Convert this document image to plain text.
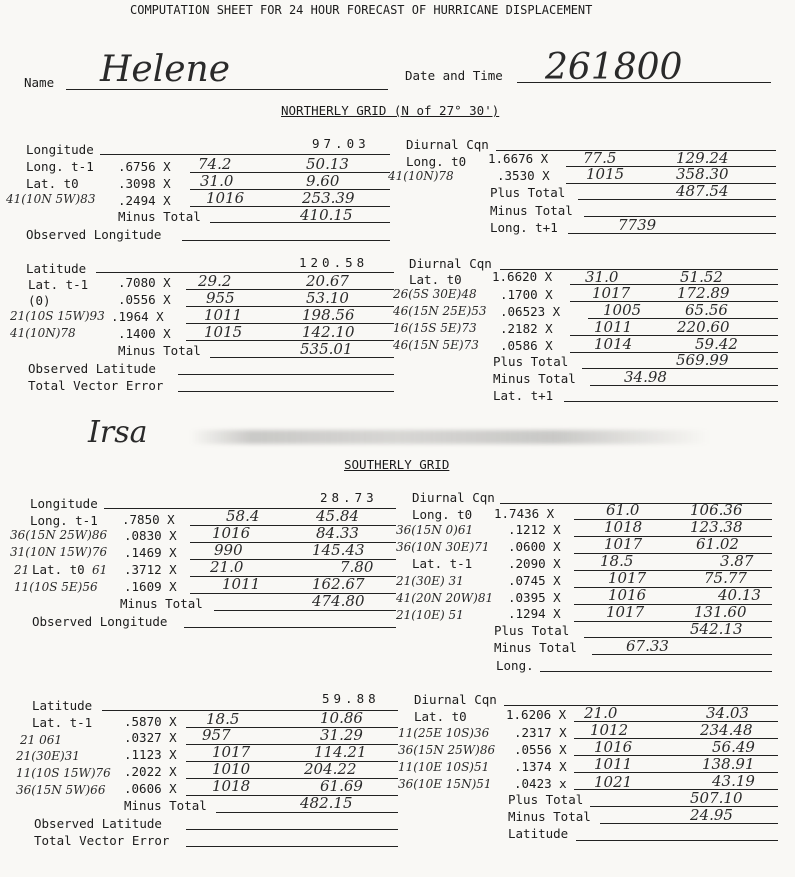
COMPUTATION SHEET FOR 24 HOUR FORECAST OF HURRICANE DISPLACEMENT
Name Helene	Date and Time 261800
NORTHERLY GRID (N of 27° 30')
Longitude	97.03
Long. t-1 .6756 X 74.2	50.13
Lat. t0	.3098 X 31.0	9.60
41(10N 5W)83 .2494 X 1016	253.39
Minus Total	410.15
Observed Longitude
Diurnal Cqn
Long. t0 1.6676 X 77.5	129.24
41(10N)78	.3530 X 1015	358.30
Plus Total	487.54
Minus Total
Long. t+1	7739
Latitude	120.58
Lat. t-1 .7080 X 29.2	20.67
(0)	.0556 X 955	53.10
21(10S 15W)93 .1964 X	1011	198.56
41(10N)78	.1400 X 1015	142.10
Minus Total	535.01
Observed Latitude
Total Vector Error
Diurnal Cqn
Lat. t0 1.6620 X 31.0	51.52
26(5S 30E)48 .1700 X	1017	172.89
46(15N 25E)53 .06523 X	1005	65.56
16(15S 5E)73 .2182 X	1011	220.60
46(15N 5E)73 .0586 X	1014	59.42
Plus Total	569.99
Minus Total	34.98
Lat. t+1
Irsa
SOUTHERLY GRID
Longitude	28.73
Long. t-1 .7850 X	58.4	45.84
36(15N 25W)86 .0830 X 1016	84.33
31(10N 15W)76 .1469 X 990	145.43
21 Lat. t0 61 .3712 X 21.0	7.80
11(10S 5E)56 .1609 X	1011	162.67
Minus Total	474.80
Observed Longitude
Diurnal Cqn
Long. t0 1.7436 X	61.0	106.36
36(15N 0)61	.1212 X	1018	123.38
36(10N 30E)71 .0600 X	1017	61.02
Lat. t-1	.2090 X	18.5	3.87
21(30E) 31	.0745 X	1017	75.77
41(20N 20W)81 .0395 X	1016	40.13
21(10E) 51	.1294 X	1017	131.60
Plus Total	542.13
Minus Total	67.33
Long.
Latitude	59.88
Lat. t-1	.5870 X 18.5	10.86
21 061	.0327 X 957	31.29
21(30E)31	.1123 X 1017	114.21
11(10S 15W)76 .2022 X 1010	204.22
36(15N 5W)66 .0606 X 1018	61.69
Minus Total	482.15
Observed Latitude
Total Vector Error
Diurnal Cqn
Lat. t0	1.6206 X 21.0	34.03
11(25E 10S)36 .2317 X 1012	234.48
36(15N 25W)86 .0556 X 1016	56.49
11(10E 10S)51 .1374 X 1011	138.91
36(10E 15N)51 .0423 x 1021	43.19
Plus Total	507.10
Minus Total	24.95
Latitude
